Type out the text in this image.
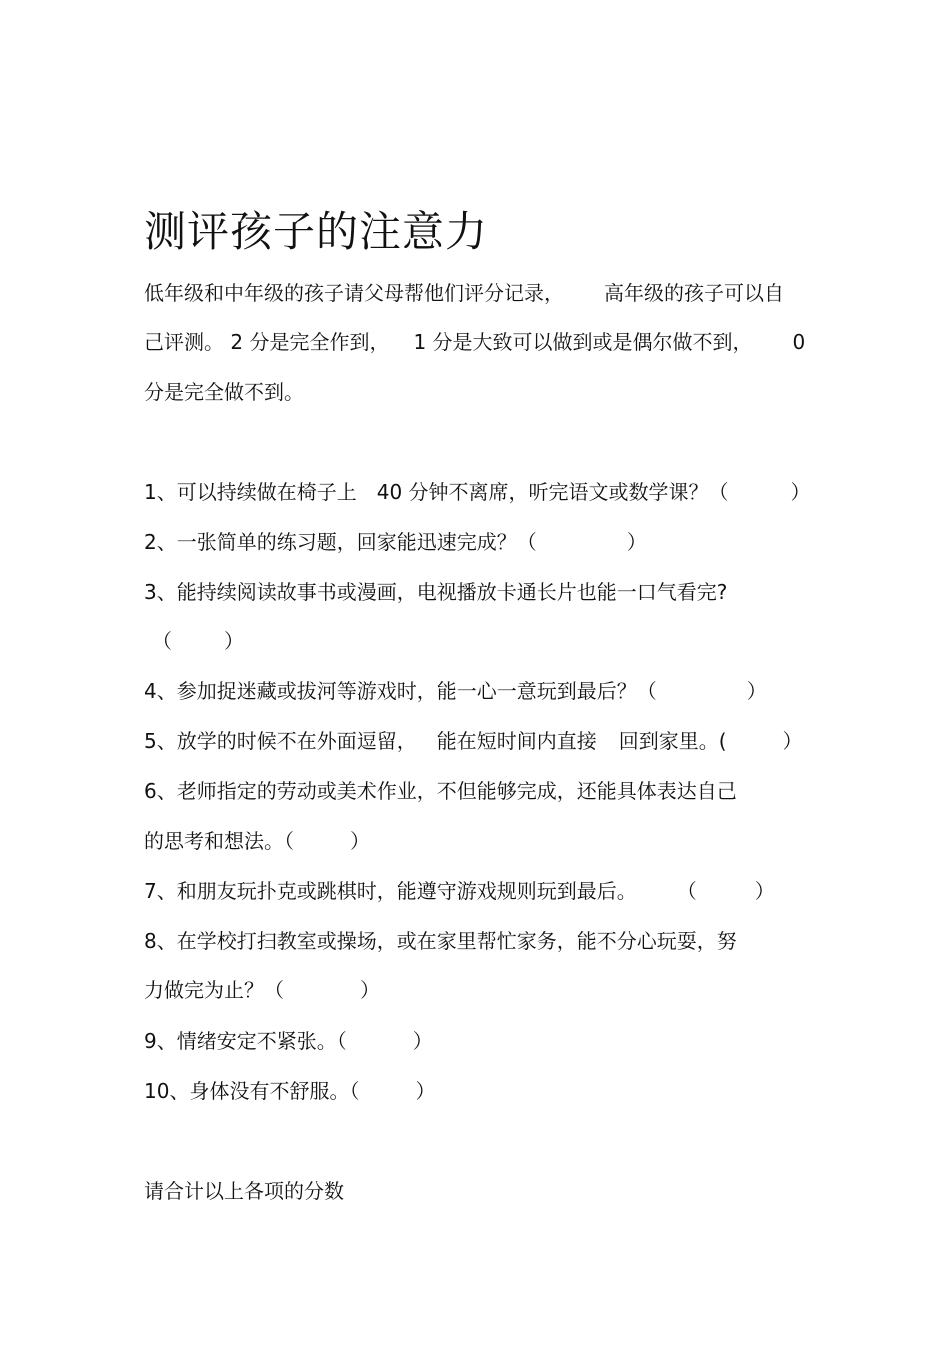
测评孩子的注意力
低年级和中年级的孩子请父母帮他们评分记录， 高年级的孩子可以自
己评测。 2 分是完全作到， 1 分是大致可以做到或是偶尔做不到， 0
分是完全做不到。
1、可以持续做在椅子上 40 分钟不离席，听完语文或数学课？（	）
2、一张简单的练习题，回家能迅速完成？（	）
3、能持续阅读故事书或漫画，电视播放卡通长片也能一口气看完?
（	）
4、参加捉迷藏或拔河等游戏时，能一心一意玩到最后？（	）
5、放学的时候不在外面逗留， 能在短时间内直接 回到家里。(	）
6、老师指定的劳动或美术作业，不但能够完成，还能具体表达自己
的思考和想法。（	）
7、和朋友玩扑克或跳棋时，能遵守游戏规则玩到最后。 （	）
8、在学校打扫教室或操场，或在家里帮忙家务，能不分心玩耍，努
力做完为止？（	）
9、情绪安定不紧张。（	）
10、身体没有不舒服。（	）
请合计以上各项的分数
